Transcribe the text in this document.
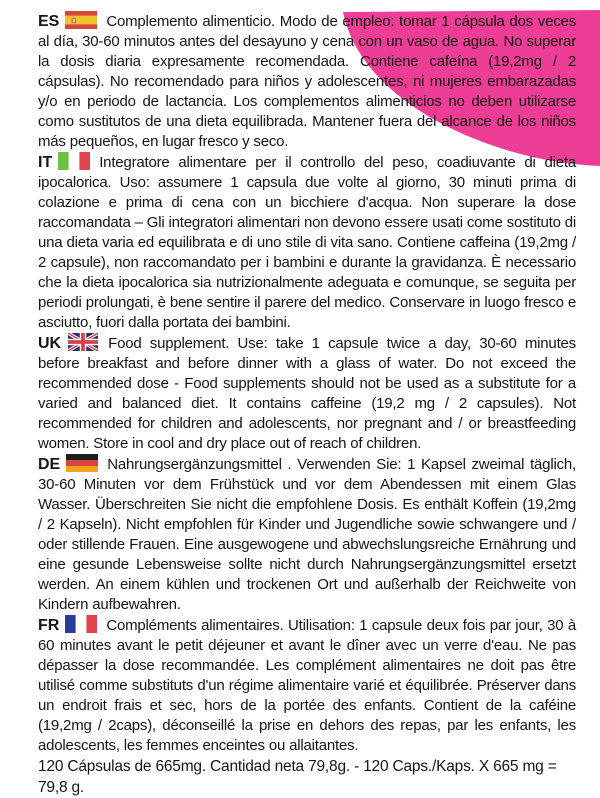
ES	Complemento alimenticio. Modo de empleo: tomar 1 cápsula dos veces al día, 30-60 minutos antes del desayuno y cena con un vaso de agua. No superar la dosis diaria expresamente recomendada. Contiene cafeína (19,2mg / 2 cápsulas). No recomendado para niños y adolescentes, ni mujeres embarazadas y/o en periodo de lactancia. Los complementos alimenticios no deben utilizarse como sustitutos de una dieta equilibrada. Mantener fuera del alcance de los niños más pequeños, en lugar fresco y seco.

IT	Integratore alimentare per il controllo del peso, coadiuvante di dieta ipocalorica. Uso: assumere 1 capsula due volte al giorno, 30 minuti prima di colazione e prima di cena con un bicchiere d'acqua. Non superare la dose raccomandata – Gli integratori alimentari non devono essere usati come sostituto di una dieta varia ed equilibrata e di uno stile di vita sano. Contiene caffeina (19,2mg / 2 capsule), non raccomandato per i bambini e durante la gravidanza. È necessario che la dieta ipocalorica sia nutrizionalmente adeguata e comunque, se seguita per periodi prolungati, è bene sentire il parere del medico. Conservare in luogo fresco e asciutto, fuori dalla portata dei bambini.

UK	Food supplement. Use: take 1 capsule twice a day, 30-60 minutes before breakfast and before dinner with a glass of water. Do not exceed the recommended dose - Food supplements should not be used as a substitute for a varied and balanced diet. It contains caffeine (19,2 mg / 2 capsules). Not recommended for children and adolescents, nor pregnant and / or breastfeeding women. Store in cool and dry place out of reach of children.

DE	Nahrungsergänzungsmittel . Verwenden Sie: 1 Kapsel zweimal täglich, 30-60 Minuten vor dem Frühstück und vor dem Abendessen mit einem Glas Wasser. Überschreiten Sie nicht die empfohlene Dosis. Es enthält Koffein (19,2mg / 2 Kapseln). Nicht empfohlen für Kinder und Jugendliche sowie schwangere und / oder stillende Frauen. Eine ausgewogene und abwechslungsreiche Ernährung und eine gesunde Lebensweise sollte nicht durch Nahrungsergänzungsmittel ersetzt werden. An einem kühlen und trockenen Ort und außerhalb der Reichweite von Kindern aufbewahren.

FR	Compléments alimentaires. Utilisation: 1 capsule deux fois par jour, 30 à 60 minutes avant le petit déjeuner et avant le dîner avec un verre d'eau. Ne pas dépasser la dose recommandée. Les complément alimentaires ne doit pas être utilisé comme substituts d'un régime alimentaire varié et équilibrée. Préserver dans un endroit frais et sec, hors de la portée des enfants. Contient de la caféine (19,2mg / 2caps), déconseillé la prise en dehors des repas, par les enfants, les adolescents, les femmes enceintes ou allaitantes.

120 Cápsulas de 665mg. Cantidad neta 79,8g. - 120 Caps./Kaps. X 665 mg = 79,8 g.
